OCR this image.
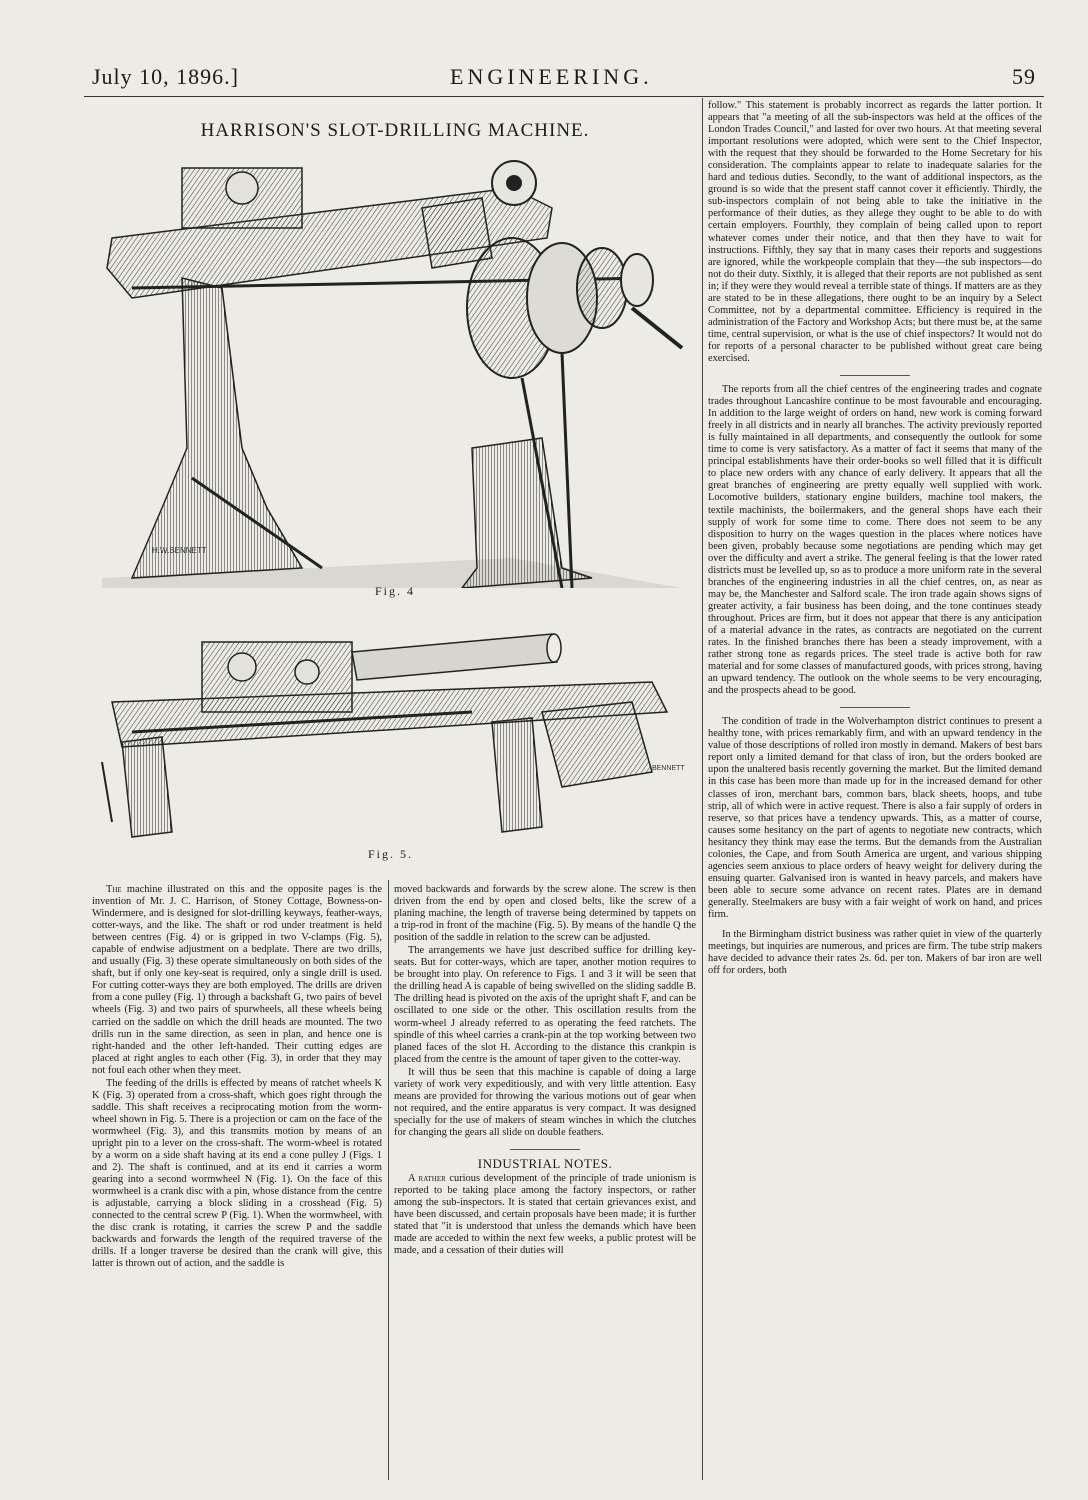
July 10, 1896.]	ENGINEERING.	59
HARRISON'S SLOT-DRILLING MACHINE.
H.W.BENNETT
Fig. 4
BENNETT
Fig. 5.

The machine illustrated on this and the opposite pages is the invention of Mr. J. C. Harrison, of Stoney Cottage, Bowness-on-Windermere, and is designed for slot-drilling keyways, feather-ways, cotter-ways, and the like. The shaft or rod under treatment is held between centres (Fig. 4) or is gripped in two V-clamps (Fig. 5), capable of endwise adjustment on a bedplate. There are two drills, and usually (Fig. 3) these operate simultaneously on both sides of the shaft, but if only one key-seat is required, only a single drill is used. For cutting cotter-ways they are both employed. The drills are driven from a cone pulley (Fig. 1) through a backshaft G, two pairs of bevel wheels (Fig. 3) and two pairs of spurwheels, all these wheels being carried on the saddle on which the drill heads are mounted. The two drills run in the same direction, as seen in plan, and hence one is right-handed and the other left-handed. Their cutting edges are placed at right angles to each other (Fig. 3), in order that they may not foul each other when they meet.

The feeding of the drills is effected by means of ratchet wheels K K (Fig. 3) operated from a cross-shaft, which goes right through the saddle. This shaft receives a reciprocating motion from the worm-wheel shown in Fig. 5. There is a projection or cam on the face of the wormwheel (Fig. 3), and this transmits motion by means of an upright pin to a lever on the cross-shaft. The worm-wheel is rotated by a worm on a side shaft having at its end a cone pulley J (Figs. 1 and 2). The shaft is continued, and at its end it carries a worm gearing into a second wormwheel N (Fig. 1). On the face of this wormwheel is a crank disc with a pin, whose distance from the centre is adjustable, carrying a block sliding in a crosshead (Fig. 5) connected to the central screw P (Fig. 1). When the wormwheel, with the disc crank is rotating, it carries the screw P and the saddle backwards and forwards the length of the required traverse of the drills. If a longer traverse be desired than the crank will give, this latter is thrown out of action, and the saddle is

moved backwards and forwards by the screw alone. The screw is then driven from the end by open and closed belts, like the screw of a planing machine, the length of traverse being determined by tappets on a trip-rod in front of the machine (Fig. 5). By means of the handle Q the position of the saddle in relation to the screw can be adjusted.

The arrangements we have just described suffice for drilling key-seats. But for cotter-ways, which are taper, another motion requires to be brought into play. On reference to Figs. 1 and 3 it will be seen that the drilling head A is capable of being swivelled on the sliding saddle B. The drilling head is pivoted on the axis of the upright shaft F, and can be oscillated to one side or the other. This oscillation results from the worm-wheel J already referred to as operating the feed ratchets. The spindle of this wheel carries a crank-pin at the top working between two planed faces of the slot H. According to the distance this crankpin is placed from the centre is the amount of taper given to the cotter-way.

It will thus be seen that this machine is capable of doing a large variety of work very expeditiously, and with very little attention. Easy means are provided for throwing the various motions out of gear when not required, and the entire apparatus is very compact. It was designed specially for the use of makers of steam winches in which the clutches for changing the gears all slide on double feathers.

INDUSTRIAL NOTES.

A rather curious development of the principle of trade unionism is reported to be taking place among the factory inspectors, or rather among the sub-inspectors. It is stated that certain grievances exist, and have been discussed, and certain proposals have been made; it is further stated that "it is understood that unless the demands which have been made are acceded to within the next few weeks, a public protest will be made, and a cessation of their duties will

follow." This statement is probably incorrect as regards the latter portion. It appears that "a meeting of all the sub-inspectors was held at the offices of the London Trades Council," and lasted for over two hours. At that meeting several important resolutions were adopted, which were sent to the Chief Inspector, with the request that they should be forwarded to the Home Secretary for his consideration. The complaints appear to relate to inadequate salaries for the hard and tedious duties. Secondly, to the want of additional inspectors, as the ground is so wide that the present staff cannot cover it efficiently. Thirdly, the sub-inspectors complain of not being able to take the initiative in the performance of their duties, as they allege they ought to be able to do with certain employers. Fourthly, they complain of being called upon to report whatever comes under their notice, and that then they have to wait for instructions. Fifthly, they say that in many cases their reports and suggestions are ignored, while the workpeople complain that they—the sub inspectors—do not do their duty. Sixthly, it is alleged that their reports are not published as sent in; if they were they would reveal a terrible state of things. If matters are as they are stated to be in these allegations, there ought to be an inquiry by a Select Committee, not by a departmental committee. Efficiency is required in the administration of the Factory and Workshop Acts; but there must be, at the same time, central supervision, or what is the use of chief inspectors? It would not do for reports of a personal character to be published without great care being exercised.

The reports from all the chief centres of the engineering trades and cognate trades throughout Lancashire continue to be most favourable and encouraging. In addition to the large weight of orders on hand, new work is coming forward freely in all districts and in nearly all branches. The activity previously reported is fully maintained in all departments, and consequently the outlook for some time to come is very satisfactory. As a matter of fact it seems that many of the principal establishments have their order-books so well filled that it is difficult to place new orders with any chance of early delivery. It appears that all the great branches of engineering are pretty equally well supplied with work. Locomotive builders, stationary engine builders, machine tool makers, the textile machinists, the boilermakers, and the general shops have each their supply of work for some time to come. There does not seem to be any disposition to hurry on the wages question in the places where notices have been given, probably because some negotiations are pending which may get over the difficulty and avert a strike. The general feeling is that the lower rated districts must be levelled up, so as to produce a more uniform rate in the several branches of the engineering industries in all the chief centres, on, as near as may be, the Manchester and Salford scale. The iron trade again shows signs of greater activity, a fair business has been doing, and the tone continues steady throughout. Prices are firm, but it does not appear that there is any anticipation of a material advance in the rates, as contracts are negotiated on the current rates. In the finished branches there has been a steady improvement, with a rather strong tone as regards prices. The steel trade is active both for raw material and for some classes of manufactured goods, with prices strong, having an upward tendency. The outlook on the whole seems to be very encouraging, and the prospects ahead to be good.

The condition of trade in the Wolverhampton district continues to present a healthy tone, with prices remarkably firm, and with an upward tendency in the value of those descriptions of rolled iron mostly in demand. Makers of best bars report only a limited demand for that class of iron, but the orders booked are upon the unaltered basis recently governing the market. But the limited demand in this case has been more than made up for in the increased demand for other classes of iron, merchant bars, common bars, black sheets, hoops, and tube strip, all of which were in active request. There is also a fair supply of orders in reserve, so that prices have a tendency upwards. This, as a matter of course, causes some hesitancy on the part of agents to negotiate new contracts, which hesitancy they think may ease the terms. But the demands from the Australian colonies, the Cape, and from South America are urgent, and various shipping agencies seem anxious to place orders of heavy weight for delivery during the ensuing quarter. Galvanised iron is wanted in heavy parcels, and makers have been able to secure some advance on recent rates. Plates are in demand generally. Steelmakers are busy with a fair weight of work on hand, and prices firm.

In the Birmingham district business was rather quiet in view of the quarterly meetings, but inquiries are numerous, and prices are firm. The tube strip makers have decided to advance their rates 2s. 6d. per ton. Makers of bar iron are well off for orders, both
